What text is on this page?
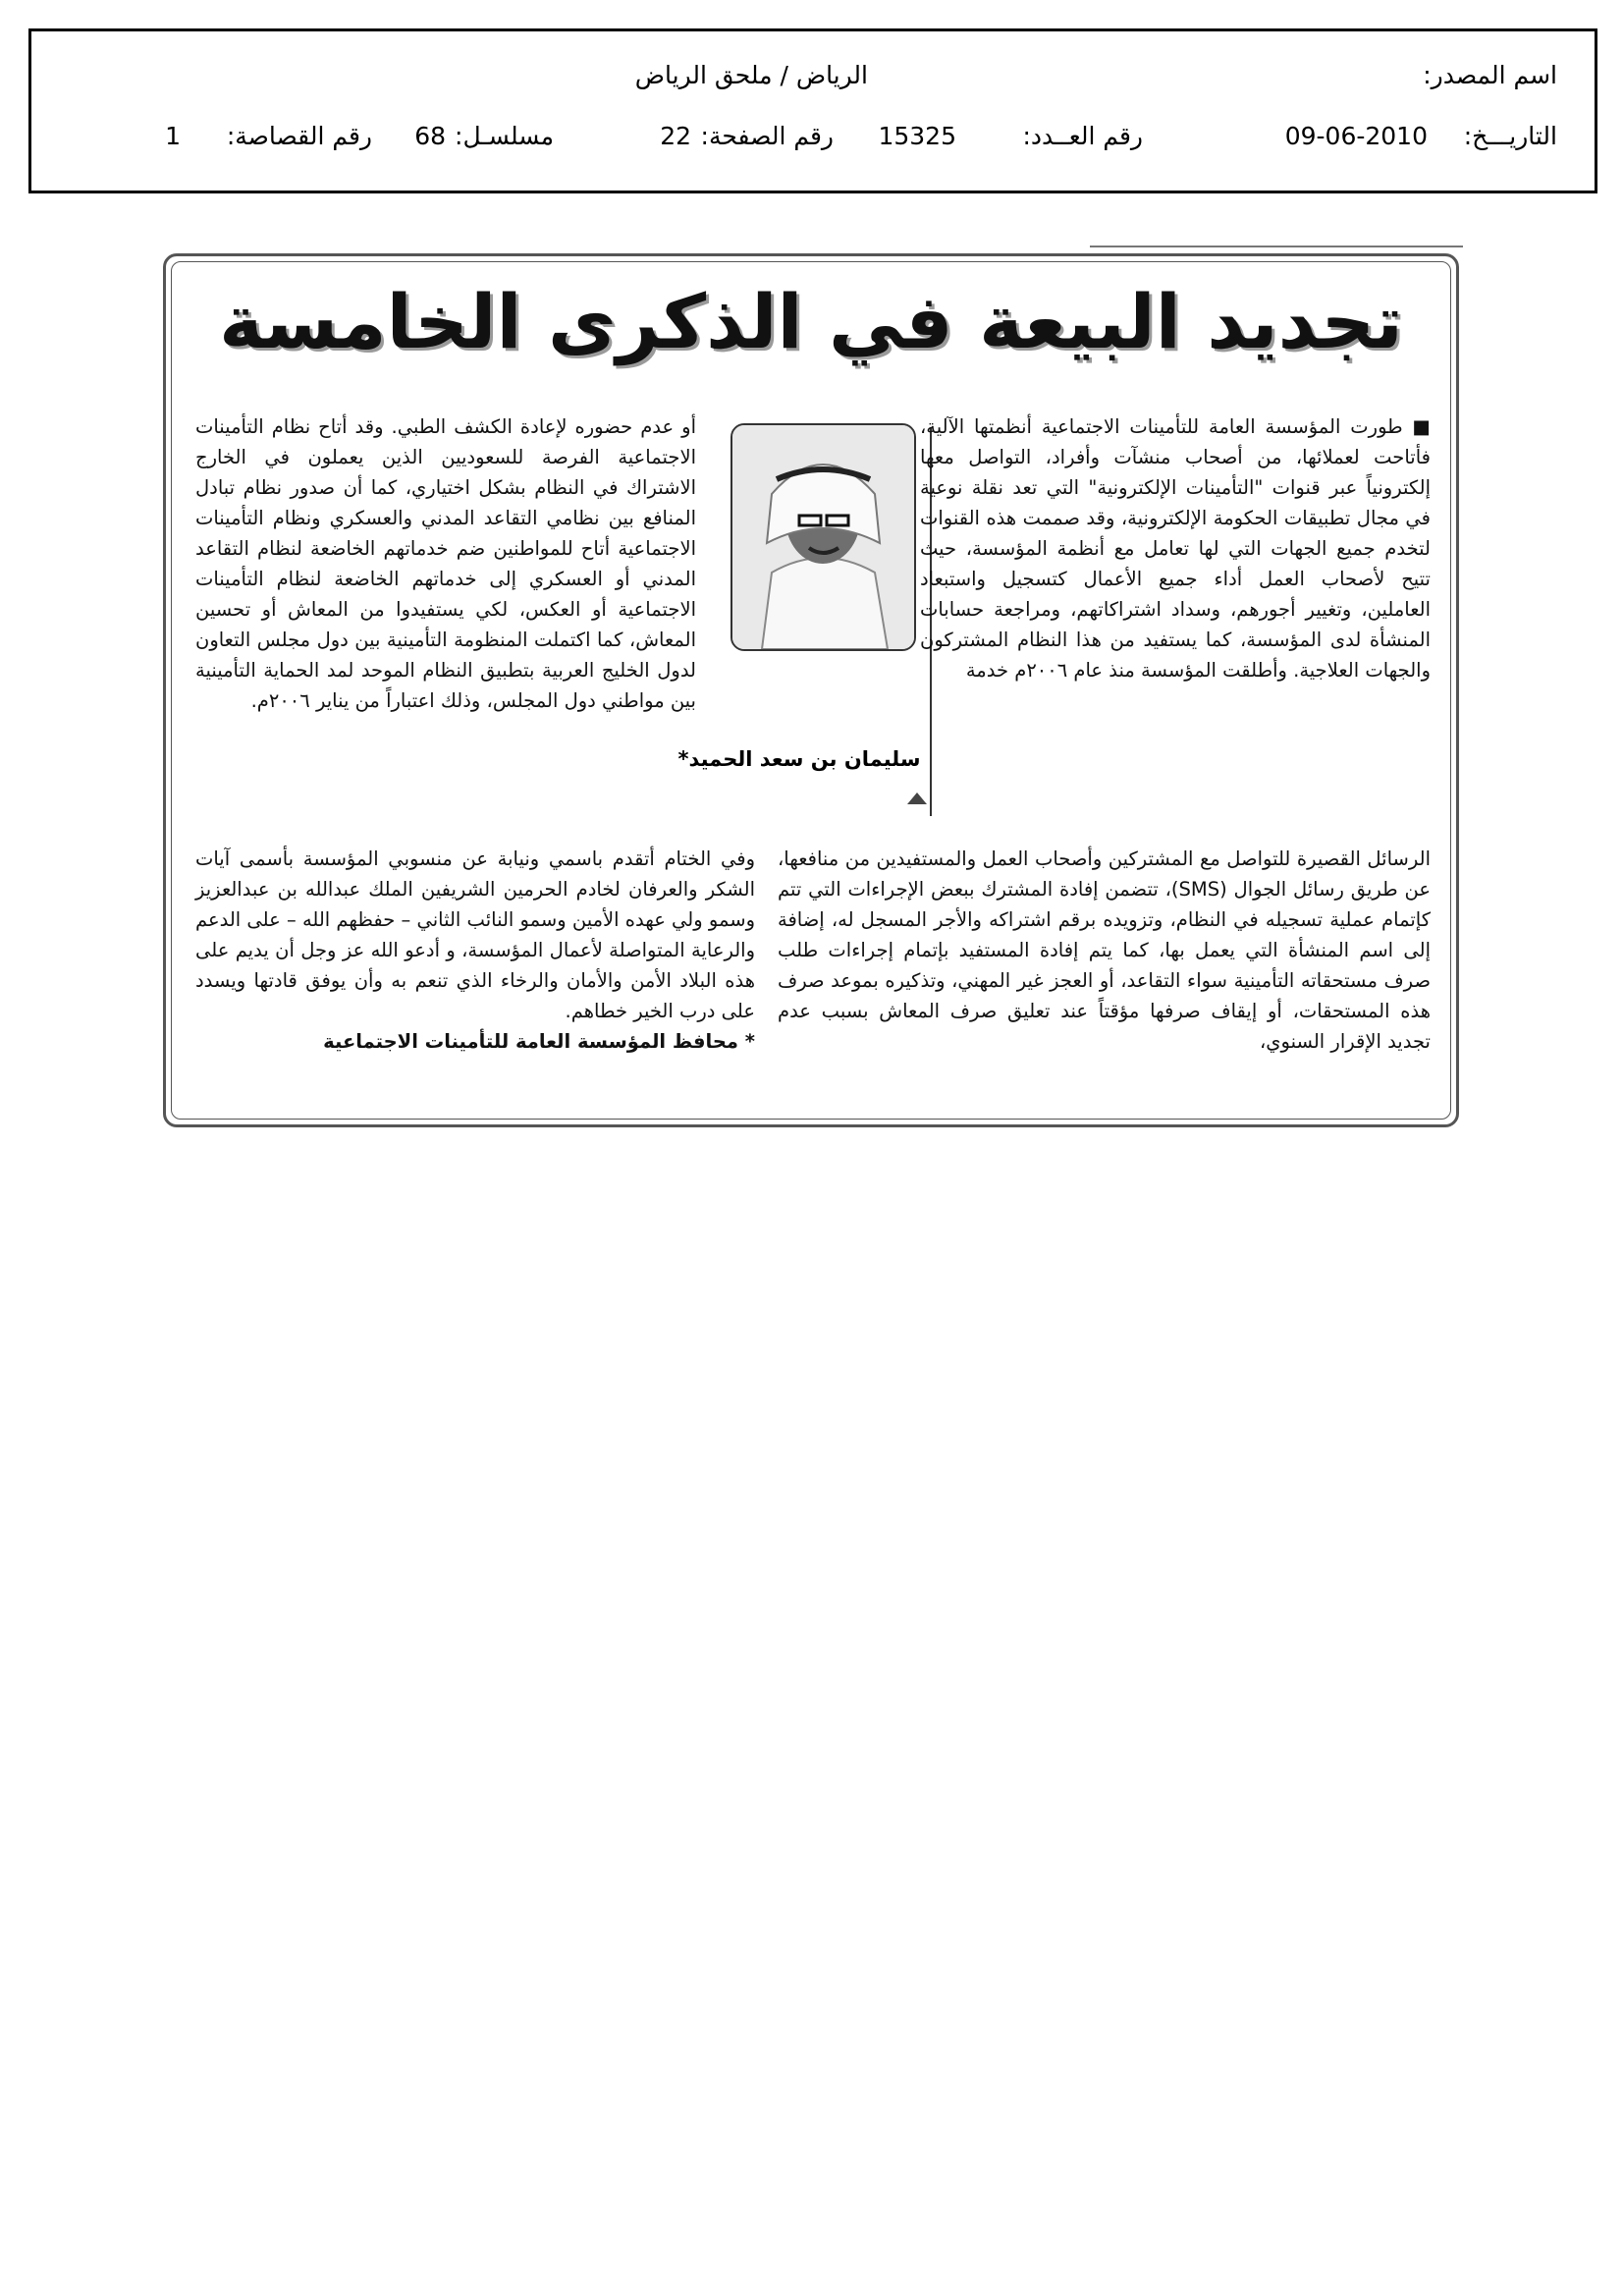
اسم المصدر:
الرياض / ملحق الرياض
التاريـــخ:
09-06-2010
رقم العــدد:
15325
رقم الصفحة:
22
مسلسـل:
68
رقم القصاصة:
1
تجديد البيعة في الذكرى الخامسة

■ طورت المؤسسة العامة للتأمينات الاجتماعية أنظمتها الآلية، فأتاحت لعملائها، من أصحاب منشآت وأفراد، التواصل معها إلكترونياً عبر قنوات "التأمينات الإلكترونية" التي تعد نقلة نوعية في مجال تطبيقات الحكومة الإلكترونية، وقد صممت هذه القنوات لتخدم جميع الجهات التي لها تعامل مع أنظمة المؤسسة، حيث تتيح لأصحاب العمل أداء جميع الأعمال كتسجيل واستبعاد العاملين، وتغيير أجورهم، وسداد اشتراكاتهم، ومراجعة حسابات المنشأة لدى المؤسسة، كما يستفيد من هذا النظام المشتركون والجهات العلاجية. وأطلقت المؤسسة منذ عام ٢٠٠٦م خدمة

سليمان بن سعد الحميد*

أو عدم حضوره لإعادة الكشف الطبي. وقد أتاح نظام التأمينات الاجتماعية الفرصة للسعوديين الذين يعملون في الخارج الاشتراك في النظام بشكل اختياري، كما أن صدور نظام تبادل المنافع بين نظامي التقاعد المدني والعسكري ونظام التأمينات الاجتماعية أتاح للمواطنين ضم خدماتهم الخاضعة لنظام التقاعد المدني أو العسكري إلى خدماتهم الخاضعة لنظام التأمينات الاجتماعية أو العكس، لكي يستفيدوا من المعاش أو تحسين المعاش، كما اكتملت المنظومة التأمينية بين دول مجلس التعاون لدول الخليج العربية بتطبيق النظام الموحد لمد الحماية التأمينية بين مواطني دول المجلس، وذلك اعتباراً من يناير ٢٠٠٦م.

الرسائل القصيرة للتواصل مع المشتركين وأصحاب العمل والمستفيدين من منافعها، عن طريق رسائل الجوال (SMS)، تتضمن إفادة المشترك ببعض الإجراءات التي تتم كإتمام عملية تسجيله في النظام، وتزويده برقم اشتراكه والأجر المسجل له، إضافة إلى اسم المنشأة التي يعمل بها، كما يتم إفادة المستفيد بإتمام إجراءات طلب صرف مستحقاته التأمينية سواء التقاعد، أو العجز غير المهني، وتذكيره بموعد صرف هذه المستحقات، أو إيقاف صرفها مؤقتاً عند تعليق صرف المعاش بسبب عدم تجديد الإقرار السنوي،

وفي الختام أتقدم باسمي ونيابة عن منسوبي المؤسسة بأسمى آيات الشكر والعرفان لخادم الحرمين الشريفين الملك عبدالله بن عبدالعزيز وسمو ولي عهده الأمين وسمو النائب الثاني – حفظهم الله – على الدعم والرعاية المتواصلة لأعمال المؤسسة، و أدعو الله عز وجل أن يديم على هذه البلاد الأمن والأمان والرخاء الذي تنعم به وأن يوفق قادتها ويسدد على درب الخير خطاهم.

* محافظ المؤسسة العامة للتأمينات الاجتماعية
